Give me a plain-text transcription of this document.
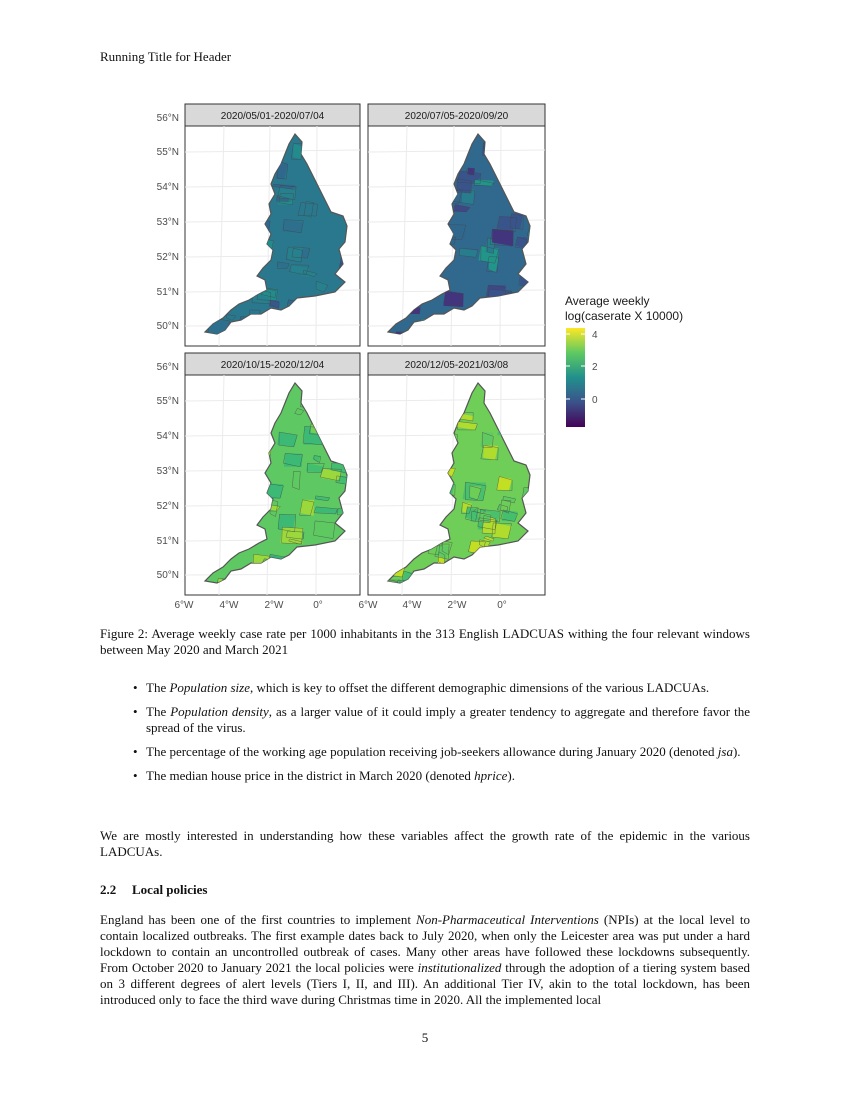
Running Title for Header
2020/05/01-2020/07/04	2020/07/05-2020/09/20
2020/10/15-2020/12/04	2020/12/05-2021/03/08
50°N
51°N
52°N
53°N
54°N
55°N
56°N
50°N
51°N
52°N
53°N
54°N
55°N
56°N
6°W	4°W	2°W	0°	6°W	4°W	2°W	0°
Average weekly
log(caserate X 10000)
4
2
0
Figure 2: Average weekly case rate per 1000 inhabitants in the 313 English LADCUAS withing the four relevant windows between May 2020 and March 2021
• The Population size, which is key to offset the different demographic dimensions of the various LADCUAs.
• The Population density, as a larger value of it could imply a greater tendency to aggregate and therefore favor the spread of the virus.
• The percentage of the working age population receiving job-seekers allowance during January 2020 (denoted jsa).
• The median house price in the district in March 2020 (denoted hprice).
We are mostly interested in understanding how these variables affect the growth rate of the epidemic in the various LADCUAs.
2.2 Local policies
England has been one of the first countries to implement Non-Pharmaceutical Interventions (NPIs) at the local level to contain localized outbreaks. The first example dates back to July 2020, when only the Leicester area was put under a hard lockdown to contain an uncontrolled outbreak of cases. Many other areas have followed these lockdowns subsequently. From October 2020 to January 2021 the local policies were institutionalized through the adoption of a tiering system based on 3 different degrees of alert levels (Tiers I, II, and III). An additional Tier IV, akin to the total lockdown, has been introduced only to face the third wave during Christmas time in 2020. All the implemented local
5
